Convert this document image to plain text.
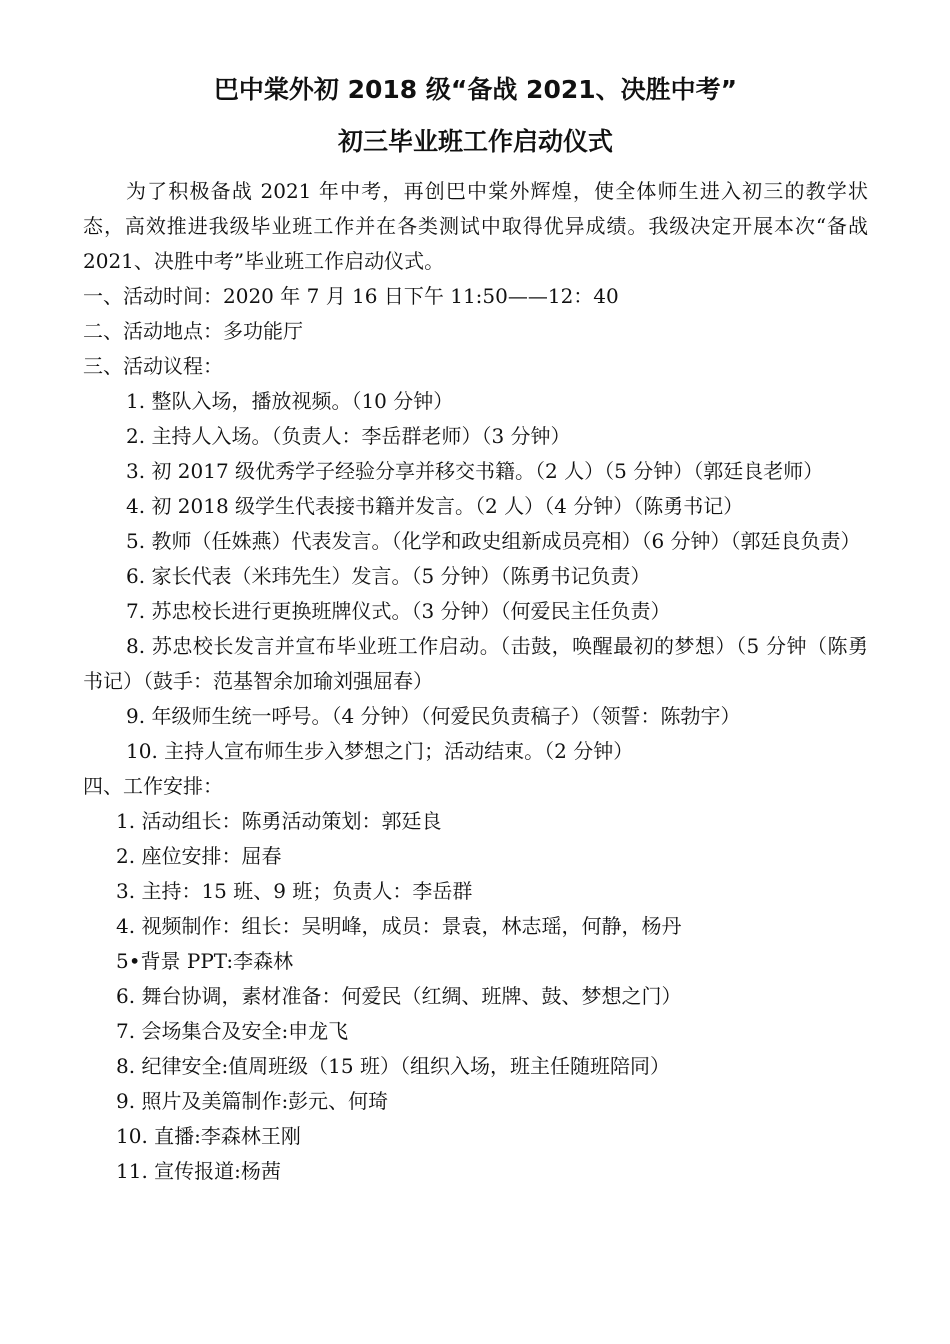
巴中棠外初 2018 级“备战 2021、决胜中考”
初三毕业班工作启动仪式

为了积极备战 2021 年中考，再创巴中棠外辉煌，使全体师生进入初三的教学状态，高效推进我级毕业班工作并在各类测试中取得优异成绩。我级决定开展本次“备战 2021、决胜中考”毕业班工作启动仪式。

一、活动时间：2020 年 7 月 16 日下午 11:50——12：40

二、活动地点：多功能厅

三、活动议程：

1. 整队入场，播放视频。（10 分钟）

2. 主持人入场。（负责人：李岳群老师）（3 分钟）

3. 初 2017 级优秀学子经验分享并移交书籍。（2 人）（5 分钟）（郭廷良老师）

4. 初 2018 级学生代表接书籍并发言。（2 人）（4 分钟）（陈勇书记）

5. 教师（任姝燕）代表发言。（化学和政史组新成员亮相）（6 分钟）（郭廷良负责）

6. 家长代表（米玮先生）发言。（5 分钟）（陈勇书记负责）

7. 苏忠校长进行更换班牌仪式。（3 分钟）（何爱民主任负责）

8. 苏忠校长发言并宣布毕业班工作启动。（击鼓，唤醒最初的梦想）（5 分钟（陈勇书记）（鼓手：范基智余加瑜刘强屈春）

9. 年级师生统一呼号。（4 分钟）（何爱民负责稿子）（领誓：陈勃宇）

10. 主持人宣布师生步入梦想之门；活动结束。（2 分钟）

四、工作安排：

1. 活动组长：陈勇活动策划：郭廷良

2. 座位安排：屈春

3. 主持：15 班、9 班；负责人：李岳群

4. 视频制作：组长：吴明峰，成员：景袁，林志瑶，何静，杨丹

5•背景 PPT:李森林

6. 舞台协调，素材准备：何爱民（红绸、班牌、鼓、梦想之门）

7. 会场集合及安全:申龙飞

8. 纪律安全:值周班级（15 班）（组织入场，班主任随班陪同）

9. 照片及美篇制作:彭元、何琦

10. 直播:李森林王刚

11. 宣传报道:杨茜
